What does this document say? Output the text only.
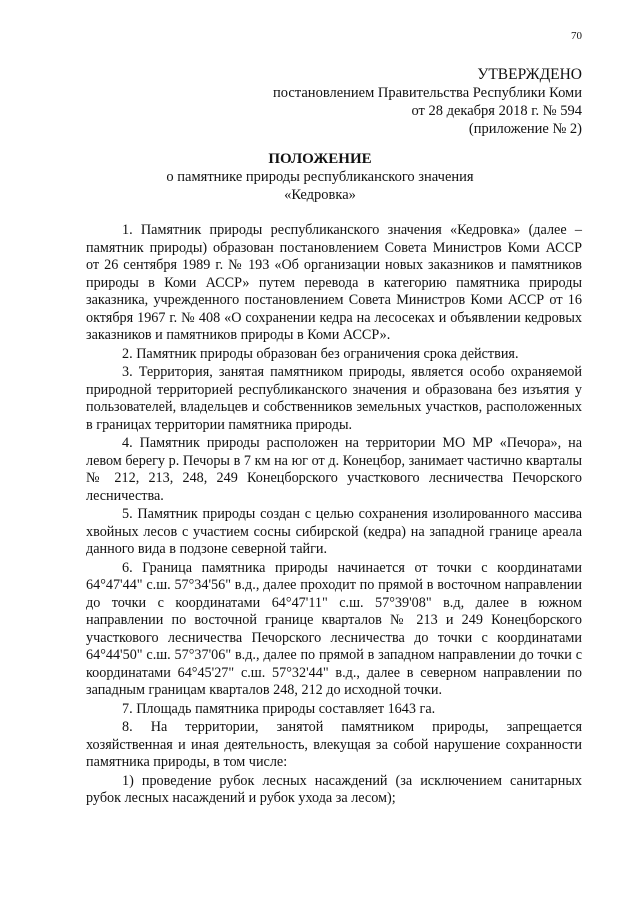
70
УТВЕРЖДЕНО
постановлением Правительства Республики Коми
от 28 декабря 2018 г. № 594
(приложение № 2)
ПОЛОЖЕНИЕ
о памятнике природы республиканского значения
«Кедровка»

1. Памятник природы республиканского значения «Кедровка» (далее – памятник природы) образован постановлением Совета Министров Коми АССР от 26 сентября 1989 г. № 193 «Об организации новых заказников и памятников природы в Коми АССР» путем перевода в категорию памятника природы заказника, учрежденного постановлением Совета Министров Коми АССР от 16 октября 1967 г. № 408 «О сохранении кедра на лесосеках и объявлении кедровых заказников и памятников природы в Коми АССР».

2. Памятник природы образован без ограничения срока действия.

3. Территория, занятая памятником природы, является особо охраняемой природной территорией республиканского значения и образована без изъятия у пользователей, владельцев и собственников земельных участков, расположенных в границах территории памятника природы.

4. Памятник природы расположен на территории МО МР «Печора», на левом берегу р. Печоры в 7 км на юг от д. Конецбор, занимает частично кварталы № 212, 213, 248, 249 Конецборского участкового лесничества Печорского лесничества.

5. Памятник природы создан с целью сохранения изолированного массива хвойных лесов с участием сосны сибирской (кедра) на западной границе ареала данного вида в подзоне северной тайги.

6. Граница памятника природы начинается от точки с координатами 64°47'44" с.ш. 57°34'56" в.д., далее проходит по прямой в восточном направлении до точки с координатами 64°47'11" с.ш. 57°39'08" в.д, далее в южном направлении по восточной границе кварталов № 213 и 249 Конецборского участкового лесничества Печорского лесничества до точки с координатами 64°44'50" с.ш. 57°37'06" в.д., далее по прямой в западном направлении до точки с координатами 64°45'27" с.ш. 57°32'44" в.д., далее в северном направлении по западным границам кварталов 248, 212 до исходной точки.

7. Площадь памятника природы составляет 1643 га.

8. На территории, занятой памятником природы, запрещается хозяйственная и иная деятельность, влекущая за собой нарушение сохранности памятника природы, в том числе:

1) проведение рубок лесных насаждений (за исключением санитарных рубок лесных насаждений и рубок ухода за лесом);
